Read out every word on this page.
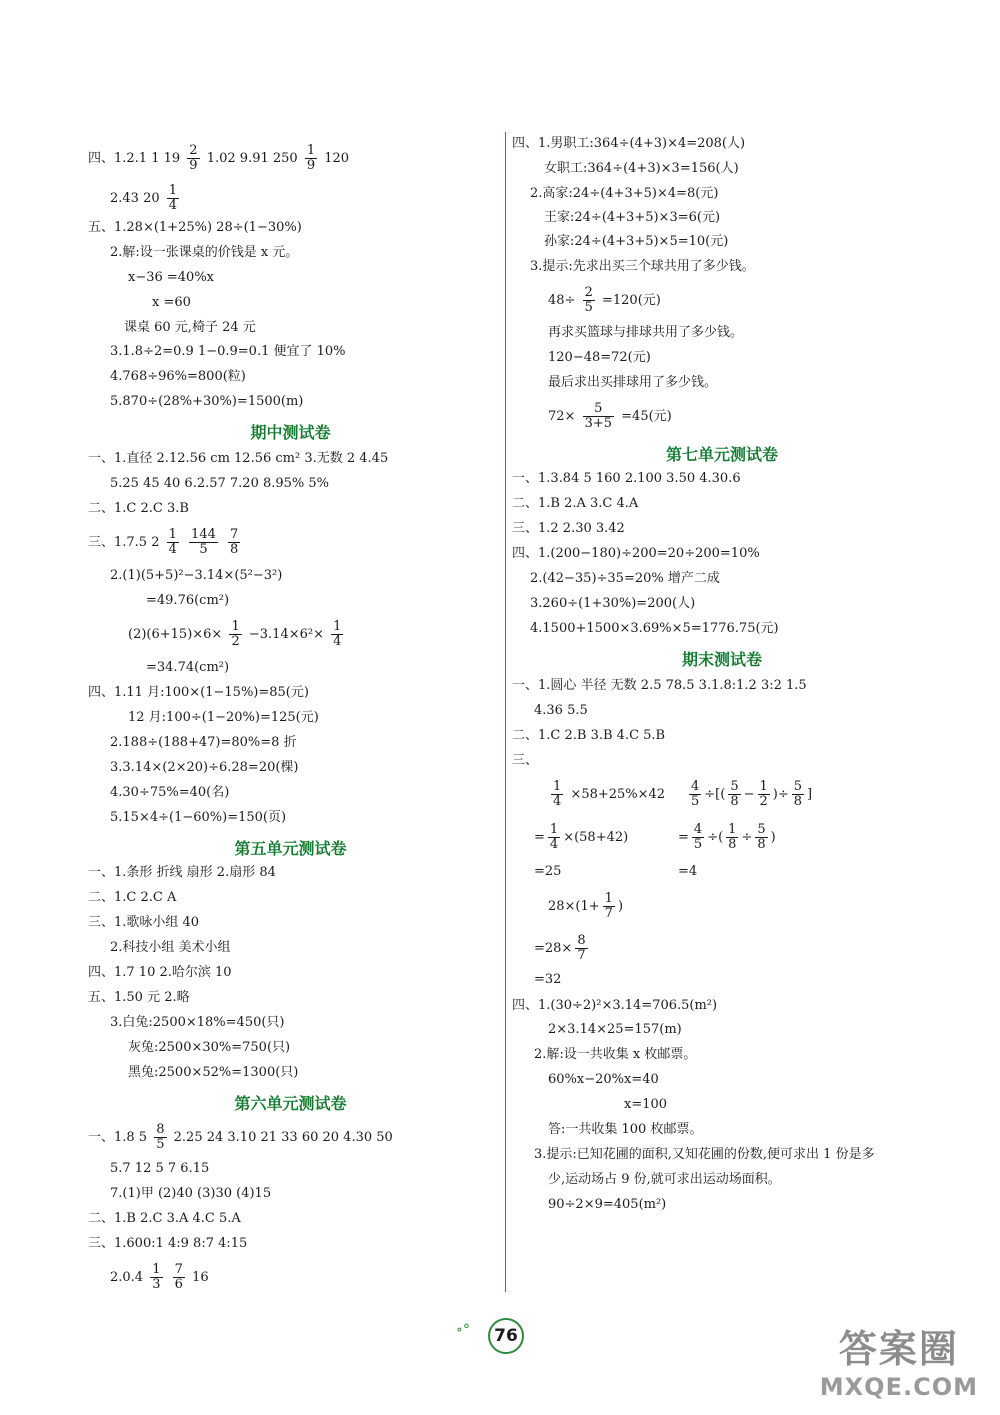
四、1.2.1 1 $19 \frac{2}{9} 1.02$ 9.91 $250 \frac{1}{9} 120$
2.43 $20 \frac{1}{4}$
五、1.28×(1+25%) 28÷(1−30%)
2.解:设一张课桌的价钱是 x 元。
x−36 =40%x
x =60
课桌 60 元,椅子 24 元
3.1.8÷2=0.9 1−0.9=0.1 便宜了 10%
4.768÷96%=800(粒)
5.870÷(28%+30%)=1500(m)
期中测试卷
一、1.直径 2.12.56 cm 12.56 cm² 3.无数 2 4.45
5.25 45 40 6.2.57 7.20 8.95% 5%
二、1.C 2.C 3.B
三、1.7.5 $2 \frac{1}{4}$
$\frac{144}{5}$
$\frac{7}{8}$
2.(1)(5+5)²−3.14×(5²−3²)
=49.76(cm²)
$(2)(6+15)\times 6\times \frac{1}{2} -3.14\times 6^2\times \frac{1}{4}$
=34.74(cm²)
四、1.11 月:100×(1−15%)=85(元)
12 月:100÷(1−20%)=125(元)
2.188÷(188+47)=80%=8 折
3.3.14×(2×20)÷6.28=20(棵)
4.30÷75%=40(名)
5.15×4÷(1−60%)=150(页)
第五单元测试卷
一、1.条形 折线 扇形 2.扇形 84
二、1.C 2.C A
三、1.歌咏小组 40
2.科技小组 美术小组
四、1.7 10 2.哈尔滨 10
五、1.50 元 2.略
3.白兔:2500×18%=450(只)
灰兔:2500×30%=750(只)
黑兔:2500×52%=1300(只)
第六单元测试卷
一、1.8 $5 \frac{8}{5} 2.25$ 24 3.10 21 33 60 20 4.30 50
5.7 12 5 7 6.15
7.(1)甲 (2)40 (3)30 (4)15
二、1.B 2.C 3.A 4.C 5.A
三、1.600:1 4:9 8:7 4:15
$2.0.4 \frac{1}{3}$
$\frac{7}{6} 16$
四、1.男职工:364÷(4+3)×4=208(人)
女职工:364÷(4+3)×3=156(人)
2.高家:24÷(4+3+5)×4=8(元)
王家:24÷(4+3+5)×3=6(元)
孙家:24÷(4+3+5)×5=10(元)
3.提示:先求出买三个球共用了多少钱。
$48\div \frac{2}{5} =120$(元)
再求买篮球与排球共用了多少钱。
120−48=72(元)
最后求出买排球用了多少钱。
$72\times \frac{5}{3+5} =45$(元)
第七单元测试卷
一、1.3.84 5 160 2.100 3.50 4.30.6
二、1.B 2.A 3.C 4.A
三、1.2 2.30 3.42
四、1.(200−180)÷200=20÷200=10%
2.(42−35)÷35=20% 增产二成
3.260÷(1+30%)=200(人)
4.1500+1500×3.69%×5=1776.75(元)
期末测试卷
一、1.圆心 半径 无数 2.5 78.5 3.1.8:1.2 3:2 1.5
4.36 5.5
二、1.C 2.B 3.B 4.C 5.B
三、
$\frac{1}{4} \times 58+25\%\times 42 \frac{4}{5}$ ÷[( $\frac{5}{8} - \frac{1}{2}$ )÷ $\frac{5}{8}$ ]
= $\frac{1}{4} \times(58+42)$	= $\frac{4}{5}$ ÷( $\frac{1}{8} \div \frac{5}{8}$ )
=25	=4
$28\times(1+ \frac{1}{7}$ )
$=28\times \frac{8}{7}$
=32
四、1.(30÷2)²×3.14=706.5(m²)
2×3.14×25=157(m)
2.解:设一共收集 x 枚邮票。
60%x−20%x=40
x=100
答:一共收集 100 枚邮票。
3.提示:已知花圃的面积,又知花圃的份数,便可求出 1 份是多
少,运动场占 9 份,就可求出运动场面积。
90÷2×9=405(m²)
∘°	76	答案圈
MXQE.COM
